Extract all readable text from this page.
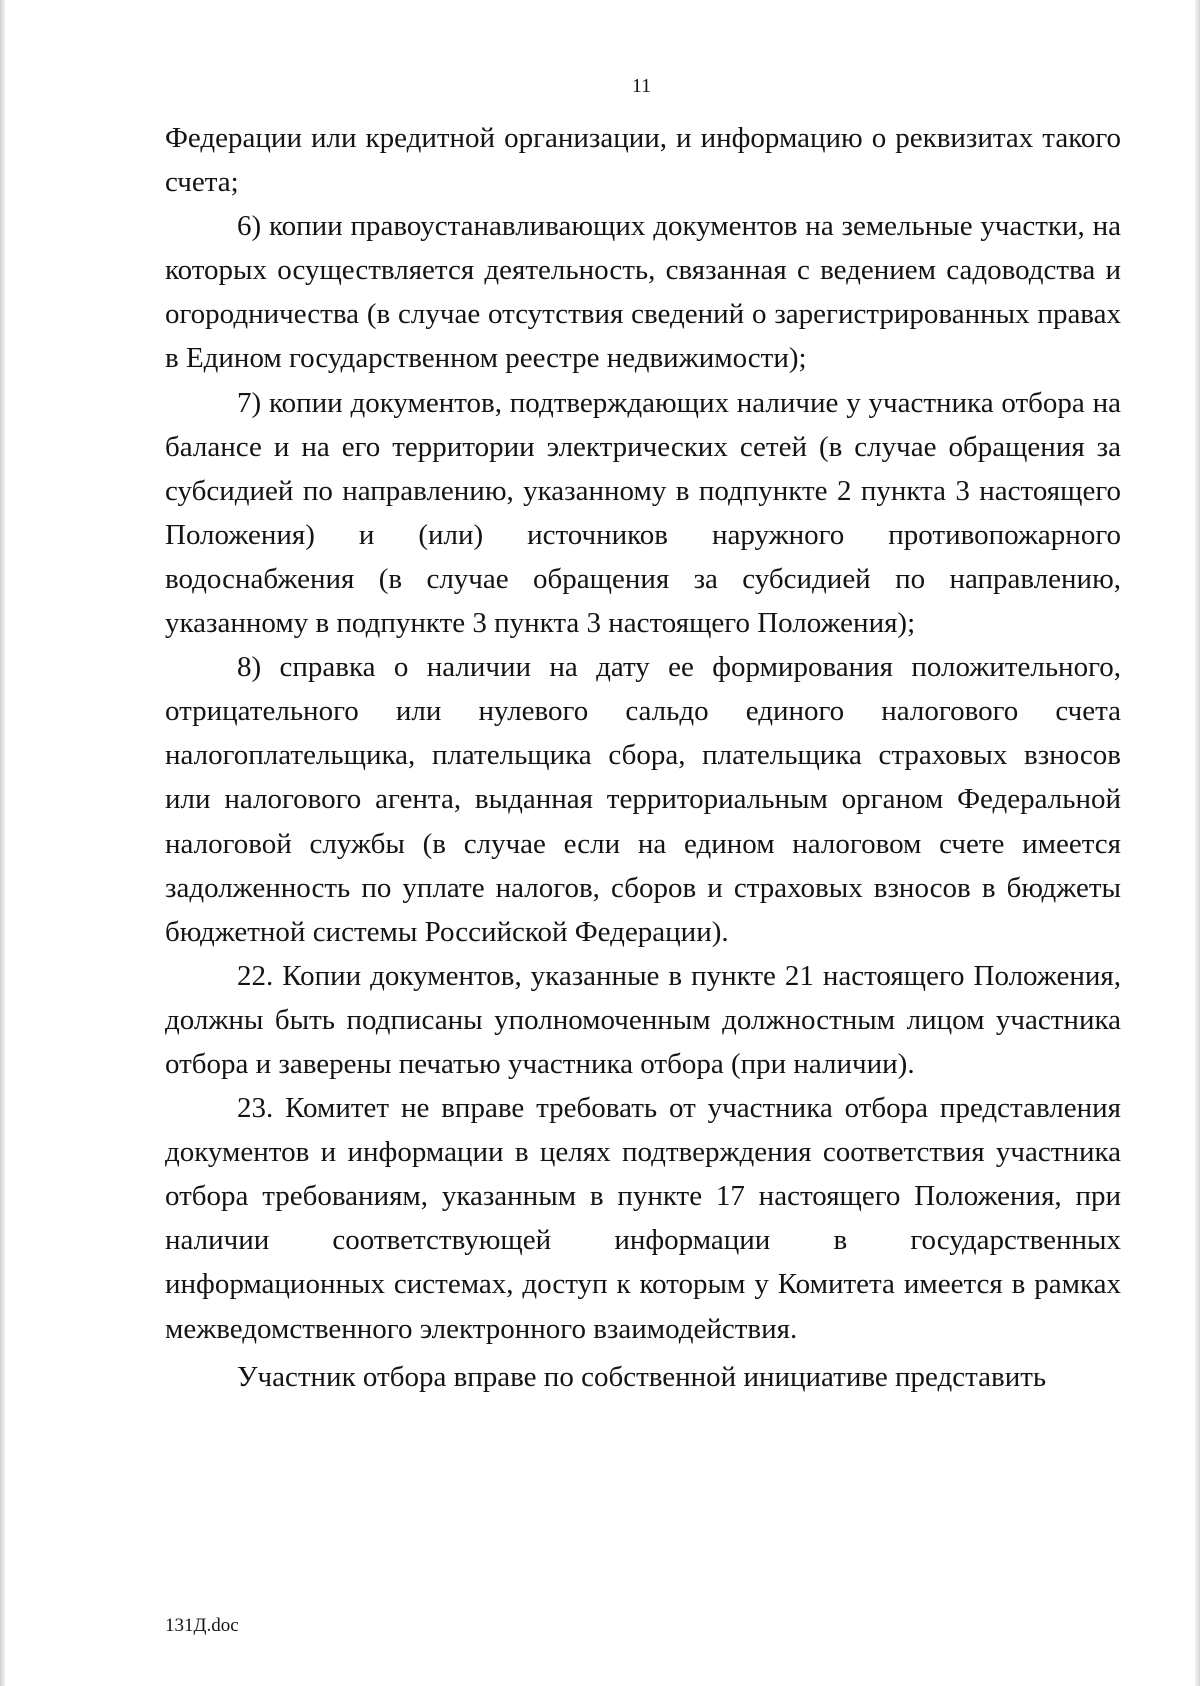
11

Федерации или кредитной организации, и информацию о реквизитах такого счета;

6) копии правоустанавливающих документов на земельные участки, на которых осуществляется деятельность, связанная с ведением садоводства и огородничества (в случае отсутствия сведений о зарегистрированных правах в Едином государственном реестре недвижимости);

7) копии документов, подтверждающих наличие у участника отбора на балансе и на его территории электрических сетей (в случае обращения за субсидией по направлению, указанному в подпункте 2 пункта 3 настоящего Положения) и (или) источников наружного противопожарного водоснабжения (в случае обращения за субсидией по направлению, указанному в подпункте 3 пункта 3 настоящего Положения);

8) справка о наличии на дату ее формирования положительного, отрицательного или нулевого сальдо единого налогового счета налогоплательщика, плательщика сбора, плательщика страховых взносов или налогового агента, выданная территориальным органом Федеральной налоговой службы (в случае если на едином налоговом счете имеется задолженность по уплате налогов, сборов и страховых взносов в бюджеты бюджетной системы Российской Федерации).

22. Копии документов, указанные в пункте 21 настоящего Положения, должны быть подписаны уполномоченным должностным лицом участника отбора и заверены печатью участника отбора (при наличии).

23. Комитет не вправе требовать от участника отбора представления документов и информации в целях подтверждения соответствия участника отбора требованиям, указанным в пункте 17 настоящего Положения, при наличии соответствующей информации в государственных информационных системах, доступ к которым у Комитета имеется в рамках межведомственного электронного взаимодействия.

Участник отбора вправе по собственной инициативе представить

131Д.doc
